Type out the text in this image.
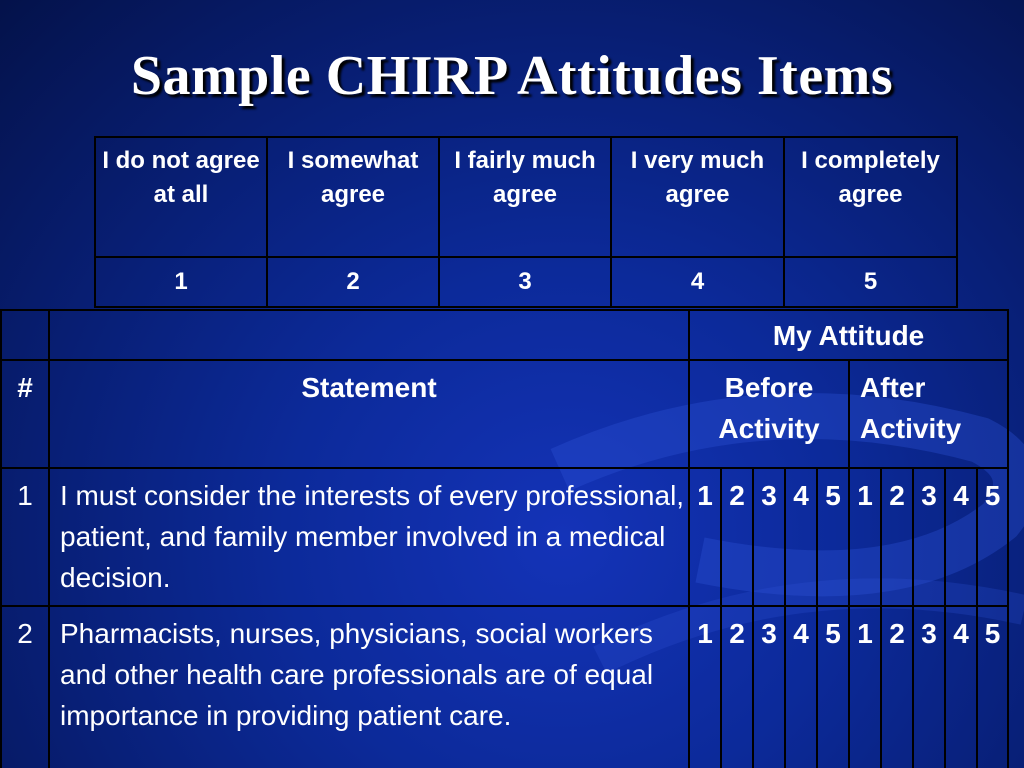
Sample CHIRP Attitudes Items
I do not agree at all	I somewhat agree	I fairly much agree	I very much agree	I completely agree
1	2	3	4	5
		My Attitude									
#	Statement	Before Activity					After Activity				
1	I must consider the interests of every professional, patient, and family member involved in a medical decision.	1	2	3	4	5	1	2	3	4	5
2	Pharmacists, nurses, physicians, social workers and other health care professionals are of equal importance in providing patient care.	1	2	3	4	5	1	2	3	4	5
